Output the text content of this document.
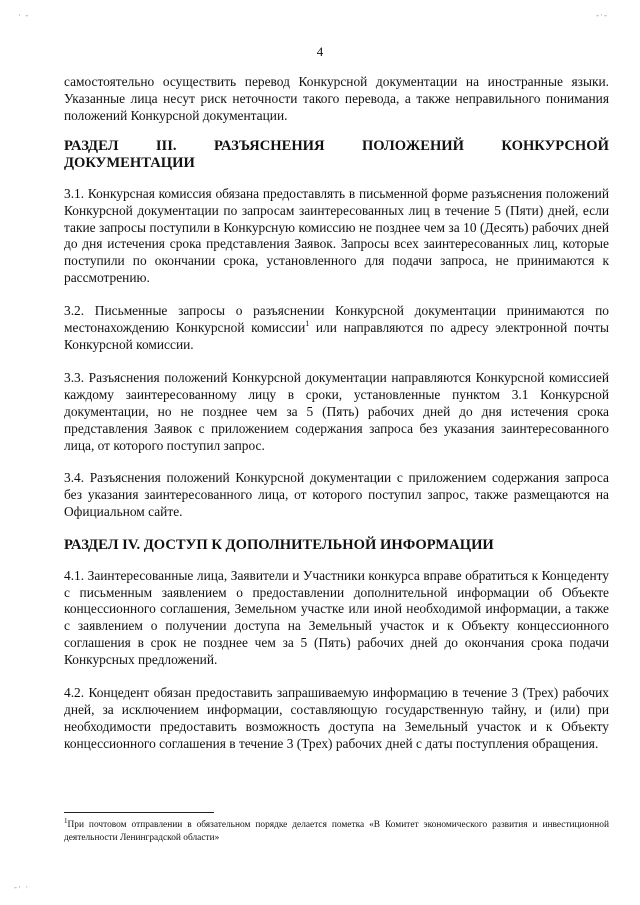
· -	-·-
-· ·
4

самостоятельно осуществить перевод Конкурсной документации на иностранные языки. Указанные лица несут риск неточности такого перевода, а также неправильного понимания положений Конкурсной документации.

РАЗДЕЛ III. РАЗЪЯСНЕНИЯ ПОЛОЖЕНИЙ КОНКУРСНОЙ
ДОКУМЕНТАЦИИ

3.1. Конкурсная комиссия обязана предоставлять в письменной форме разъяснения положений Конкурсной документации по запросам заинтересованных лиц в течение 5 (Пяти) дней, если такие запросы поступили в Конкурсную комиссию не позднее чем за 10 (Десять) рабочих дней до дня истечения срока представления Заявок. Запросы всех заинтересованных лиц, которые поступили по окончании срока, установленного для подачи запроса, не принимаются к рассмотрению.

3.2. Письменные запросы о разъяснении Конкурсной документации принимаются по местонахождению Конкурсной комиссии$^1$ или направляются по адресу электронной почты Конкурсной комиссии.

3.3. Разъяснения положений Конкурсной документации направляются Конкурсной комиссией каждому заинтересованному лицу в сроки, установленные пунктом 3.1 Конкурсной документации, но не позднее чем за 5 (Пять) рабочих дней до дня истечения срока представления Заявок с приложением содержания запроса без указания заинтересованного лица, от которого поступил запрос.

3.4. Разъяснения положений Конкурсной документации с приложением содержания запроса без указания заинтересованного лица, от которого поступил запрос, также размещаются на Официальном сайте.

РАЗДЕЛ IV. ДОСТУП К ДОПОЛНИТЕЛЬНОЙ ИНФОРМАЦИИ

4.1. Заинтересованные лица, Заявители и Участники конкурса вправе обратиться к Концеденту с письменным заявлением о предоставлении дополнительной информации об Объекте концессионного соглашения, Земельном участке или иной необходимой информации, а также с заявлением о получении доступа на Земельный участок и к Объекту концессионного соглашения в срок не позднее чем за 5 (Пять) рабочих дней до окончания срока подачи Конкурсных предложений.

4.2. Концедент обязан предоставить запрашиваемую информацию в течение 3 (Трех) рабочих дней, за исключением информации, составляющую государственную тайну, и (или) при необходимости предоставить возможность доступа на Земельный участок и к Объекту концессионного соглашения в течение 3 (Трех) рабочих дней с даты поступления обращения.

$^1$При почтовом отправлении в обязательном порядке делается пометка «В Комитет экономического развития и инвестиционной деятельности Ленинградской области»
